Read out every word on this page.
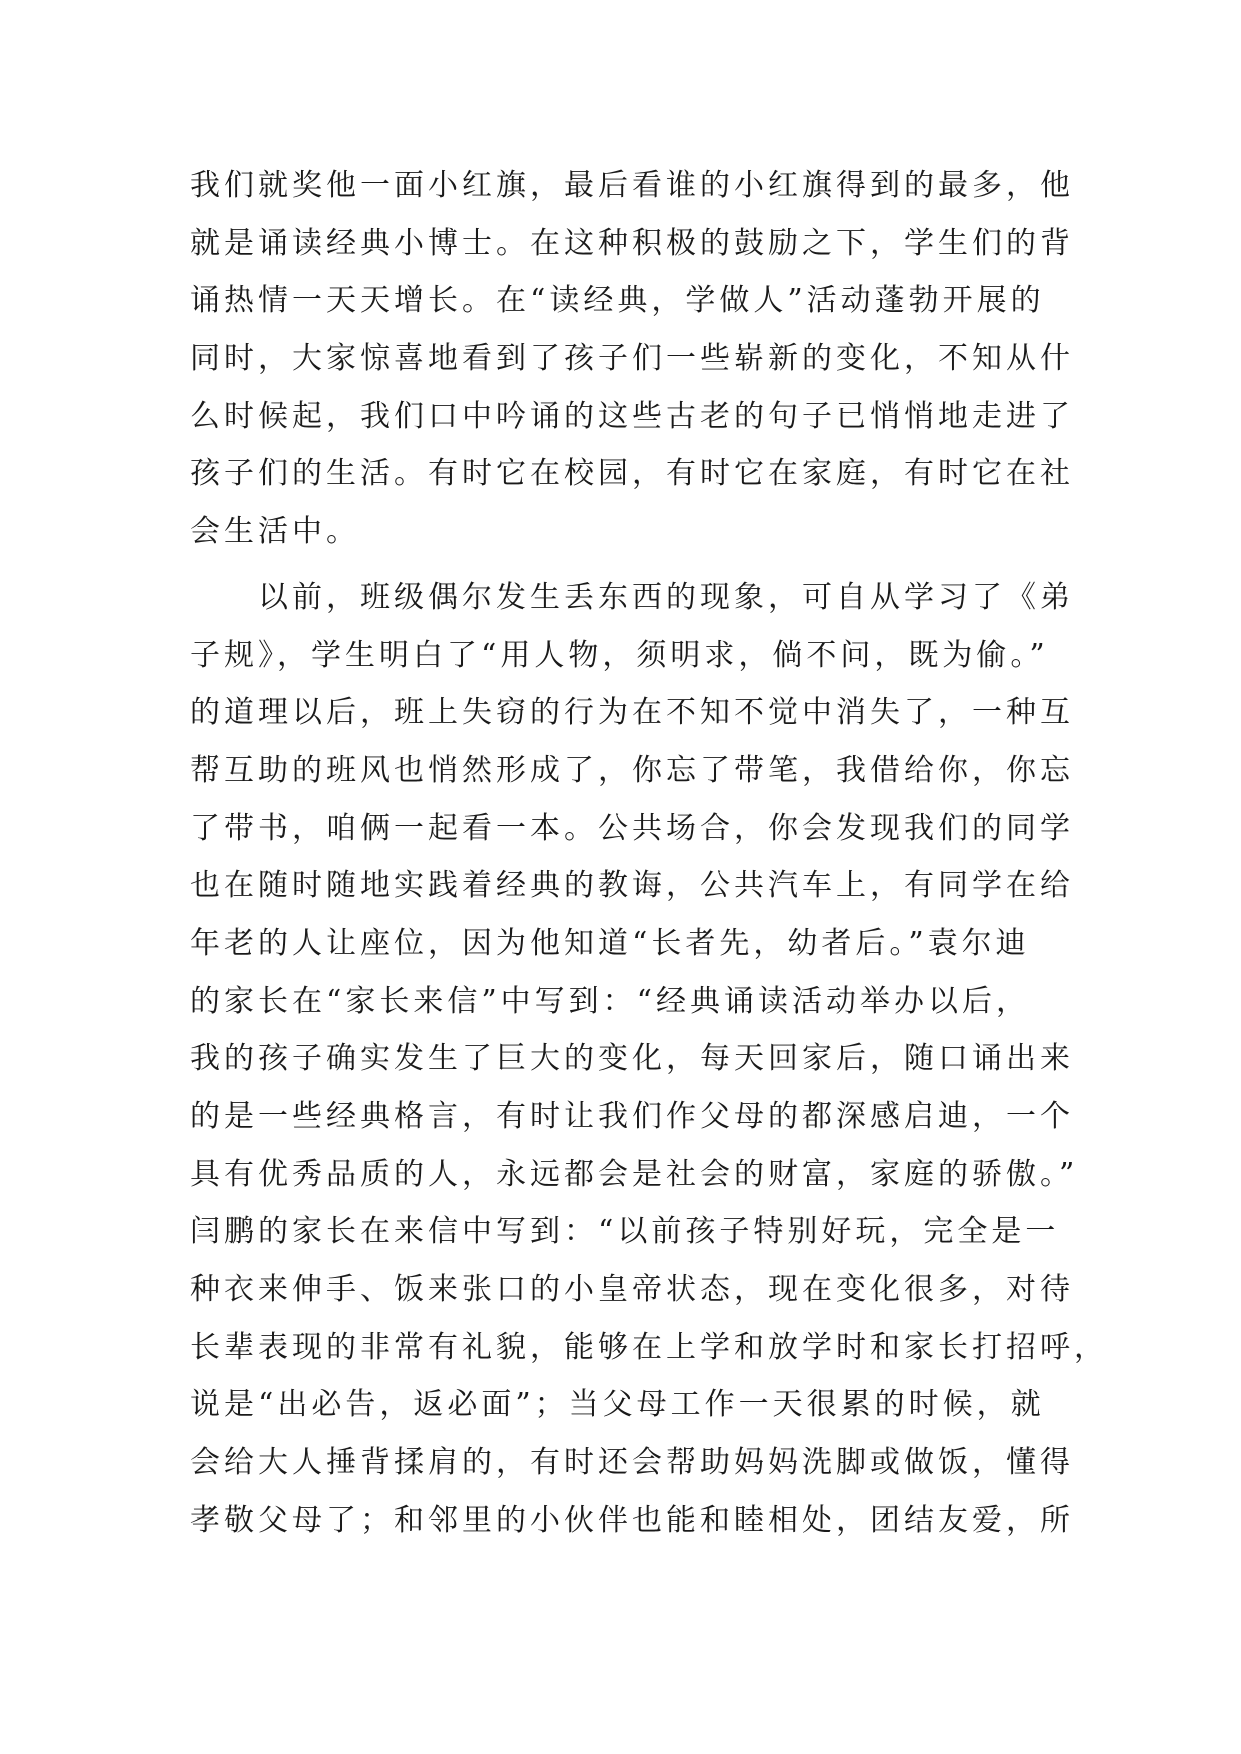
我们就奖他一面小红旗，最后看谁的小红旗得到的最多，他
就是诵读经典小博士。在这种积极的鼓励之下，学生们的背
诵热情一天天增长。在“读经典，学做人”活动蓬勃开展的
同时，大家惊喜地看到了孩子们一些崭新的变化，不知从什
么时候起，我们口中吟诵的这些古老的句子已悄悄地走进了
孩子们的生活。有时它在校园，有时它在家庭，有时它在社
会生活中。
　　以前，班级偶尔发生丢东西的现象，可自从学习了《弟
子规》，学生明白了“用人物，须明求，倘不问，既为偷。”
的道理以后，班上失窃的行为在不知不觉中消失了，一种互
帮互助的班风也悄然形成了，你忘了带笔，我借给你，你忘
了带书，咱俩一起看一本。公共场合，你会发现我们的同学
也在随时随地实践着经典的教诲，公共汽车上，有同学在给
年老的人让座位，因为他知道“长者先，幼者后。”袁尔迪
的家长在“家长来信”中写到：“经典诵读活动举办以后，
我的孩子确实发生了巨大的变化，每天回家后，随口诵出来
的是一些经典格言，有时让我们作父母的都深感启迪，一个
具有优秀品质的人，永远都会是社会的财富，家庭的骄傲。”
闫鹏的家长在来信中写到：“以前孩子特别好玩，完全是一
种衣来伸手、饭来张口的小皇帝状态，现在变化很多，对待
长辈表现的非常有礼貌，能够在上学和放学时和家长打招呼，
说是“出必告，返必面”；当父母工作一天很累的时候，就
会给大人捶背揉肩的，有时还会帮助妈妈洗脚或做饭，懂得
孝敬父母了；和邻里的小伙伴也能和睦相处，团结友爱，所
